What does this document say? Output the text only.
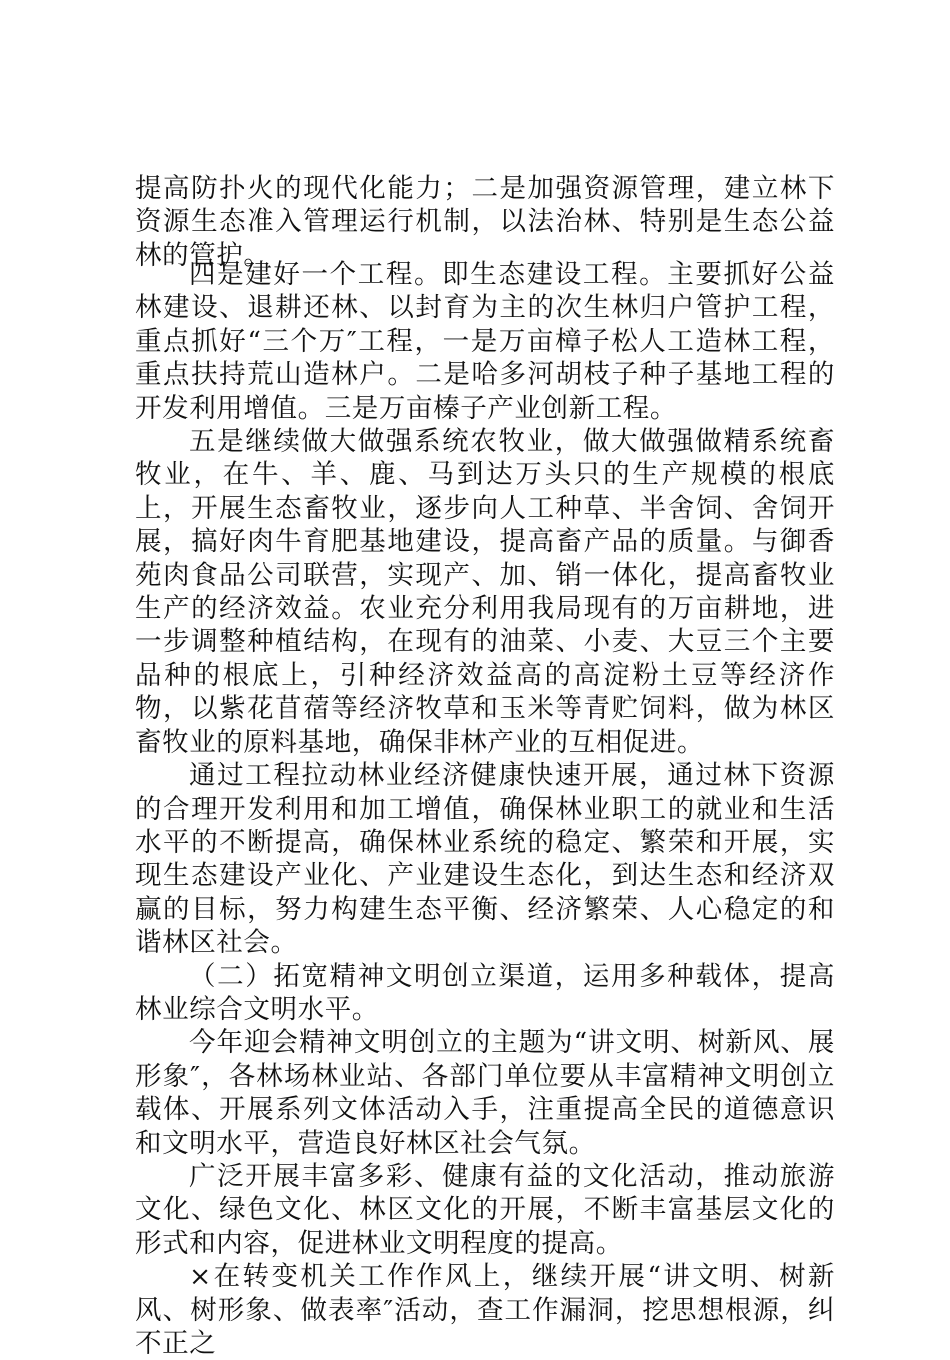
提高防扑火的现代化能力；二是加强资源管理，建立林下资源生态准入管理运行机制，以法治林、特别是生态公益林的管护。

四是建好一个工程。即生态建设工程。主要抓好公益林建设、退耕还林、以封育为主的次生林归户管护工程，重点抓好“三个万″工程，一是万亩樟子松人工造林工程，重点扶持荒山造林户。二是哈多河胡枝子种子基地工程的开发利用增值。三是万亩榛子产业创新工程。

五是继续做大做强系统农牧业，做大做强做精系统畜牧业，在牛、羊、鹿、马到达万头只的生产规模的根底上，开展生态畜牧业，逐步向人工种草、半舍饲、舍饲开展，搞好肉牛育肥基地建设，提高畜产品的质量。与御香苑肉食品公司联营，实现产、加、销一体化，提高畜牧业生产的经济效益。农业充分利用我局现有的万亩耕地，进一步调整种植结构，在现有的油菜、小麦、大豆三个主要品种的根底上，引种经济效益高的高淀粉土豆等经济作物，以紫花苜蓿等经济牧草和玉米等青贮饲料，做为林区畜牧业的原料基地，确保非林产业的互相促进。

通过工程拉动林业经济健康快速开展，通过林下资源的合理开发利用和加工增值，确保林业职工的就业和生活水平的不断提高，确保林业系统的稳定、繁荣和开展，实现生态建设产业化、产业建设生态化，到达生态和经济双赢的目标，努力构建生态平衡、经济繁荣、人心稳定的和谐林区社会。

（二）拓宽精神文明创立渠道，运用多种载体，提高林业综合文明水平。

今年迎会精神文明创立的主题为“讲文明、树新风、展形象″，各林场林业站、各部门单位要从丰富精神文明创立载体、开展系列文体活动入手，注重提高全民的道德意识和文明水平，营造良好林区社会气氛。

广泛开展丰富多彩、健康有益的文化活动，推动旅游文化、绿色文化、林区文化的开展，不断丰富基层文化的形式和内容，促进林业文明程度的提高。

×在转变机关工作作风上，继续开展“讲文明、树新风、树形象、做表率″活动，查工作漏洞，挖思想根源，纠不正之
